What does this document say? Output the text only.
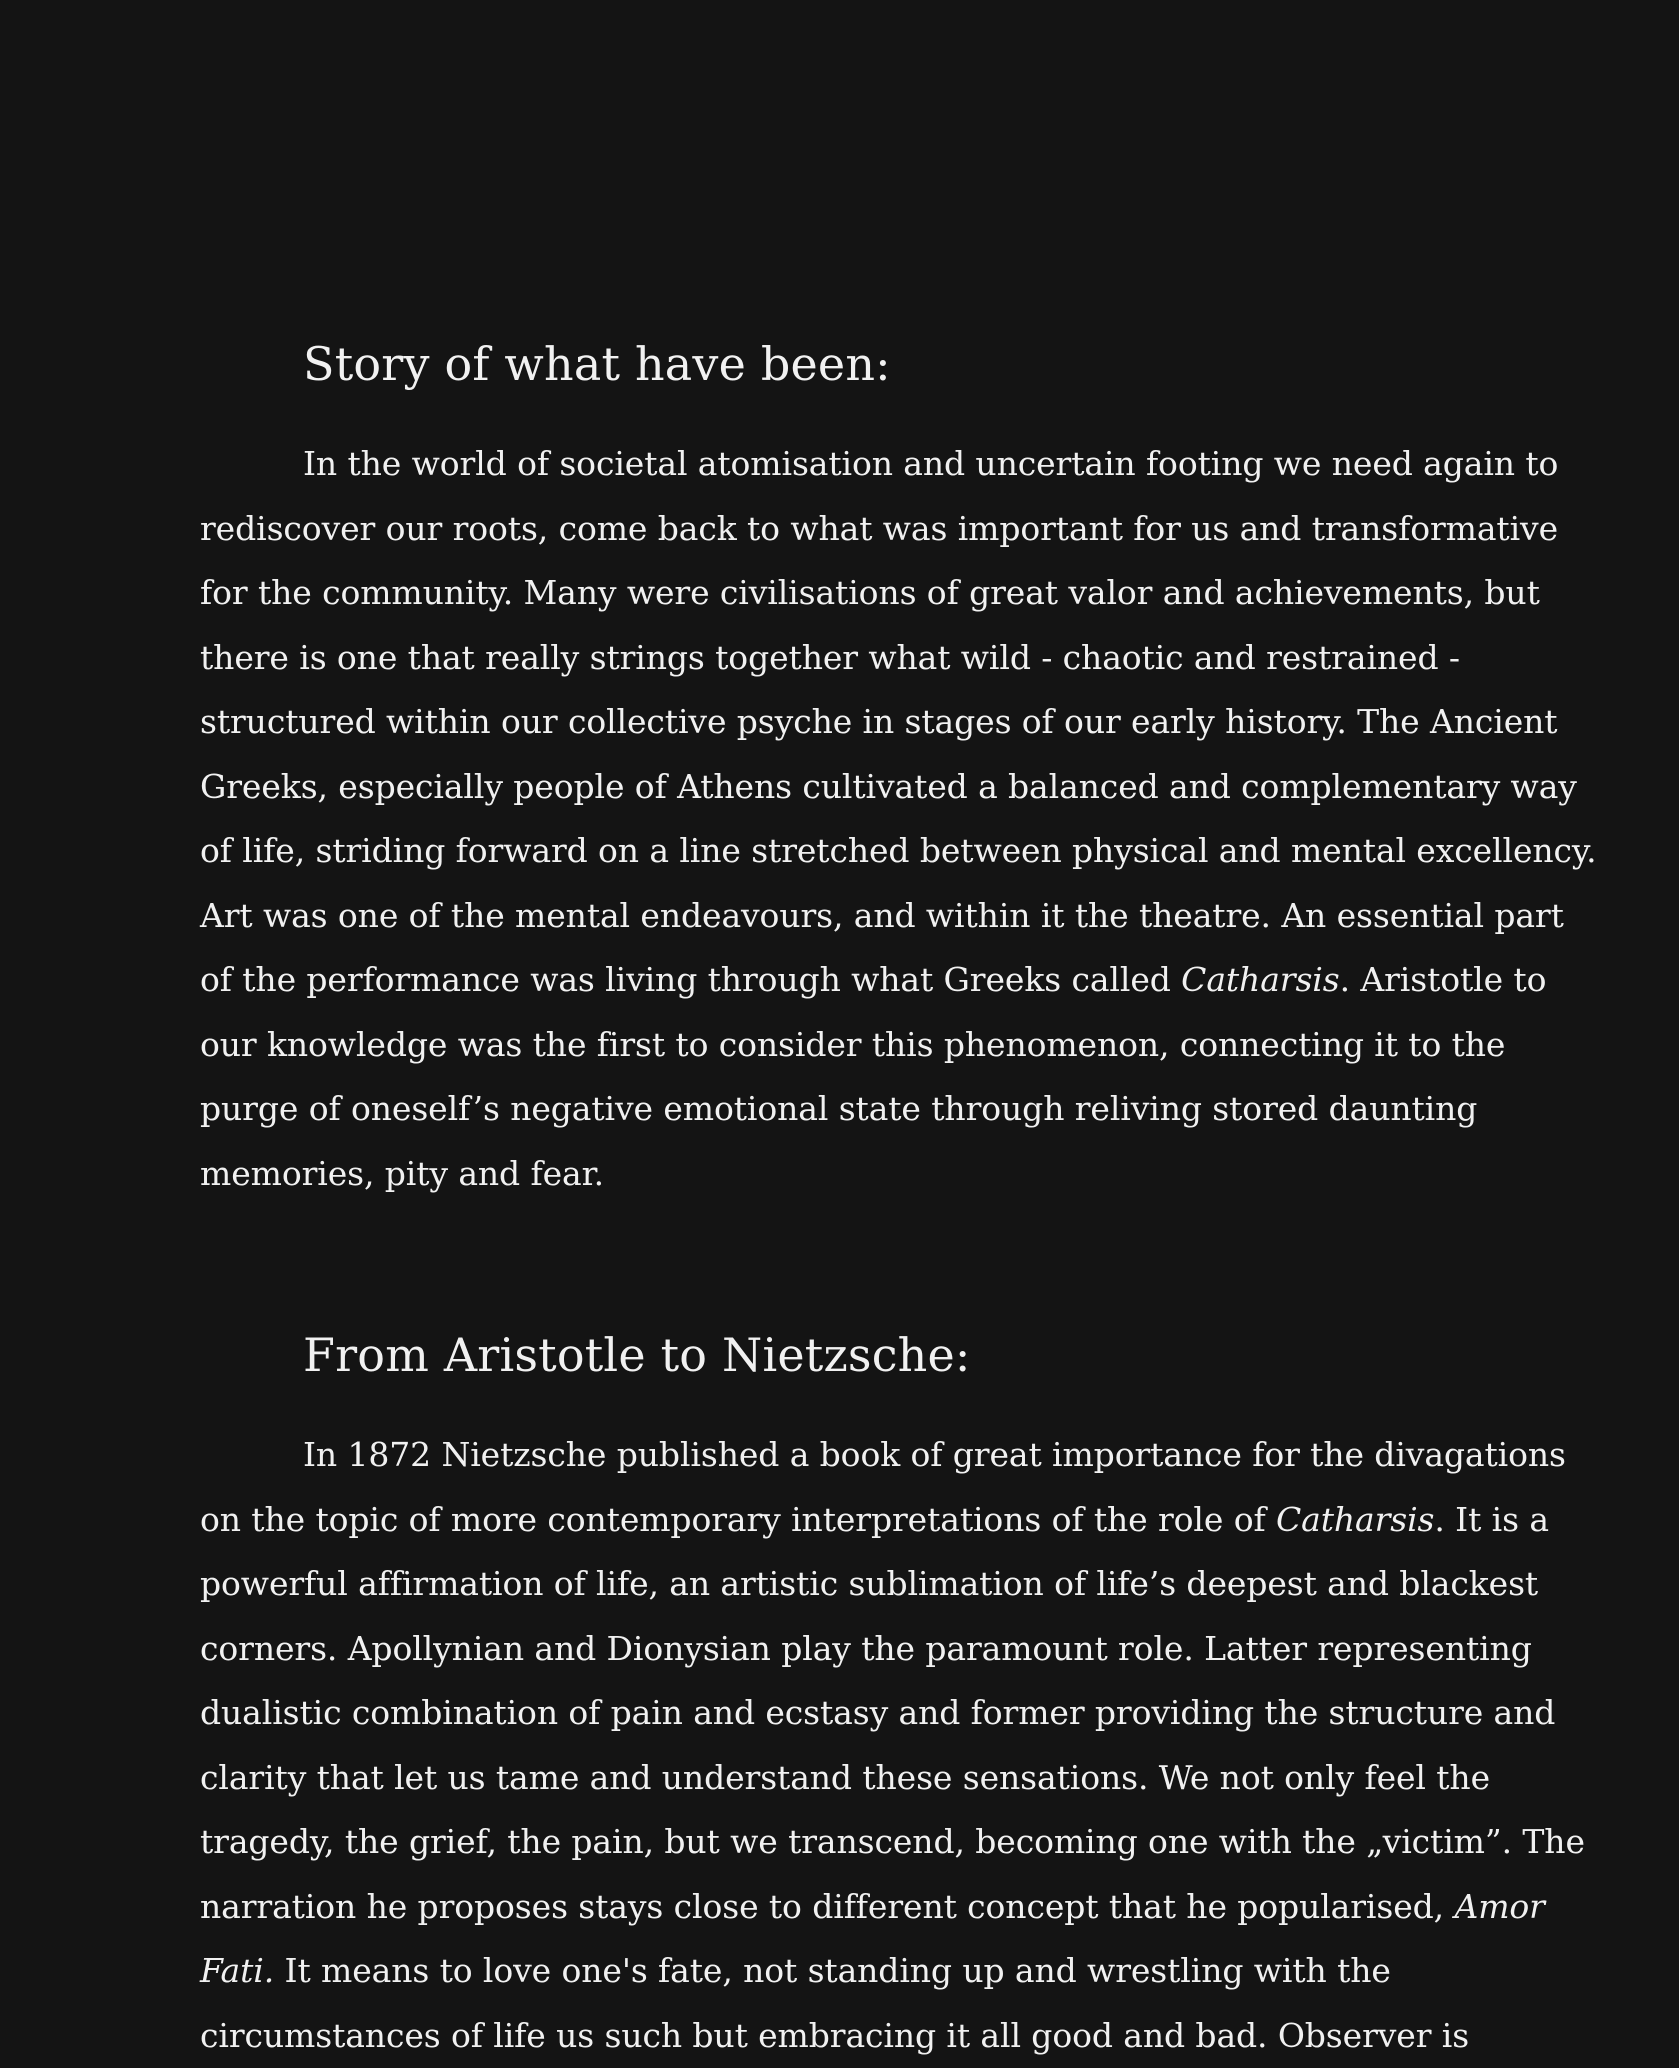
Story of what have been:
In the world of societal atomisation and uncertain footing we need again to
rediscover our roots, come back to what was important for us and transformative
for the community. Many were civilisations of great valor and achievements, but
there is one that really strings together what wild - chaotic and restrained -
structured within our collective psyche in stages of our early history. The Ancient
Greeks, especially people of Athens cultivated a balanced and complementary way
of life, striding forward on a line stretched between physical and mental excellency.
Art was one of the mental endeavours, and within it the theatre. An essential part
of the performance was living through what Greeks called Catharsis. Aristotle to
our knowledge was the first to consider this phenomenon, connecting it to the
purge of oneself’s negative emotional state through reliving stored daunting
memories, pity and fear.
From Aristotle to Nietzsche:
In 1872 Nietzsche published a book of great importance for the divagations
on the topic of more contemporary interpretations of the role of Catharsis. It is a
powerful affirmation of life, an artistic sublimation of life’s deepest and blackest
corners. Apollynian and Dionysian play the paramount role. Latter representing
dualistic combination of pain and ecstasy and former providing the structure and
clarity that let us tame and understand these sensations. We not only feel the
tragedy, the grief, the pain, but we transcend, becoming one with the „victim”. The
narration he proposes stays close to different concept that he popularised, Amor
Fati. It means to love one's fate, not standing up and wrestling with the
circumstances of life us such but embracing it all good and bad. Observer is
